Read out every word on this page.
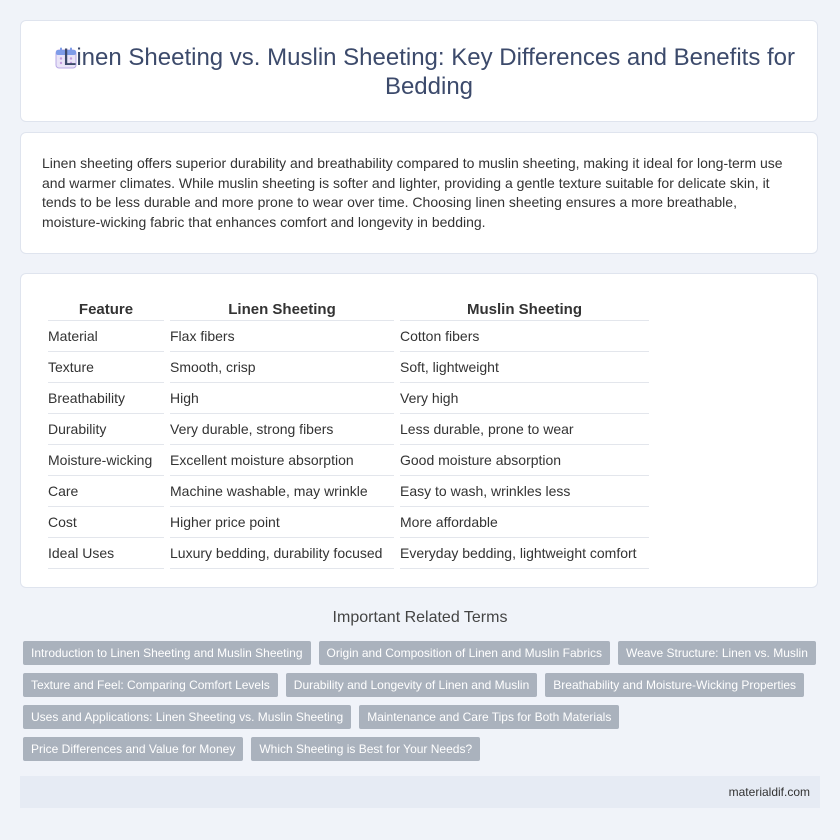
Linen Sheeting vs. Muslin Sheeting: Key Differences and Benefits for Bedding

Linen sheeting offers superior durability and breathability compared to muslin sheeting, making it ideal for long-term use and warmer climates. While muslin sheeting is softer and lighter, providing a gentle texture suitable for delicate skin, it tends to be less durable and more prone to wear over time. Choosing linen sheeting ensures a more breathable, moisture-wicking fabric that enhances comfort and longevity in bedding.

Feature	Linen Sheeting	Muslin Sheeting
Material	Flax fibers	Cotton fibers
Texture	Smooth, crisp	Soft, lightweight
Breathability	High	Very high
Durability	Very durable, strong fibers	Less durable, prone to wear
Moisture-wicking	Excellent moisture absorption	Good moisture absorption
Care	Machine washable, may wrinkle	Easy to wash, wrinkles less
Cost	Higher price point	More affordable
Ideal Uses	Luxury bedding, durability focused	Everyday bedding, lightweight comfort
Important Related Terms
Introduction to Linen Sheeting and Muslin Sheeting	Origin and Composition of Linen and Muslin Fabrics	Weave Structure: Linen vs. Muslin
Texture and Feel: Comparing Comfort Levels	Durability and Longevity of Linen and Muslin	Breathability and Moisture-Wicking Properties
Uses and Applications: Linen Sheeting vs. Muslin Sheeting	Maintenance and Care Tips for Both Materials
Price Differences and Value for Money	Which Sheeting is Best for Your Needs?
materialdif.com
